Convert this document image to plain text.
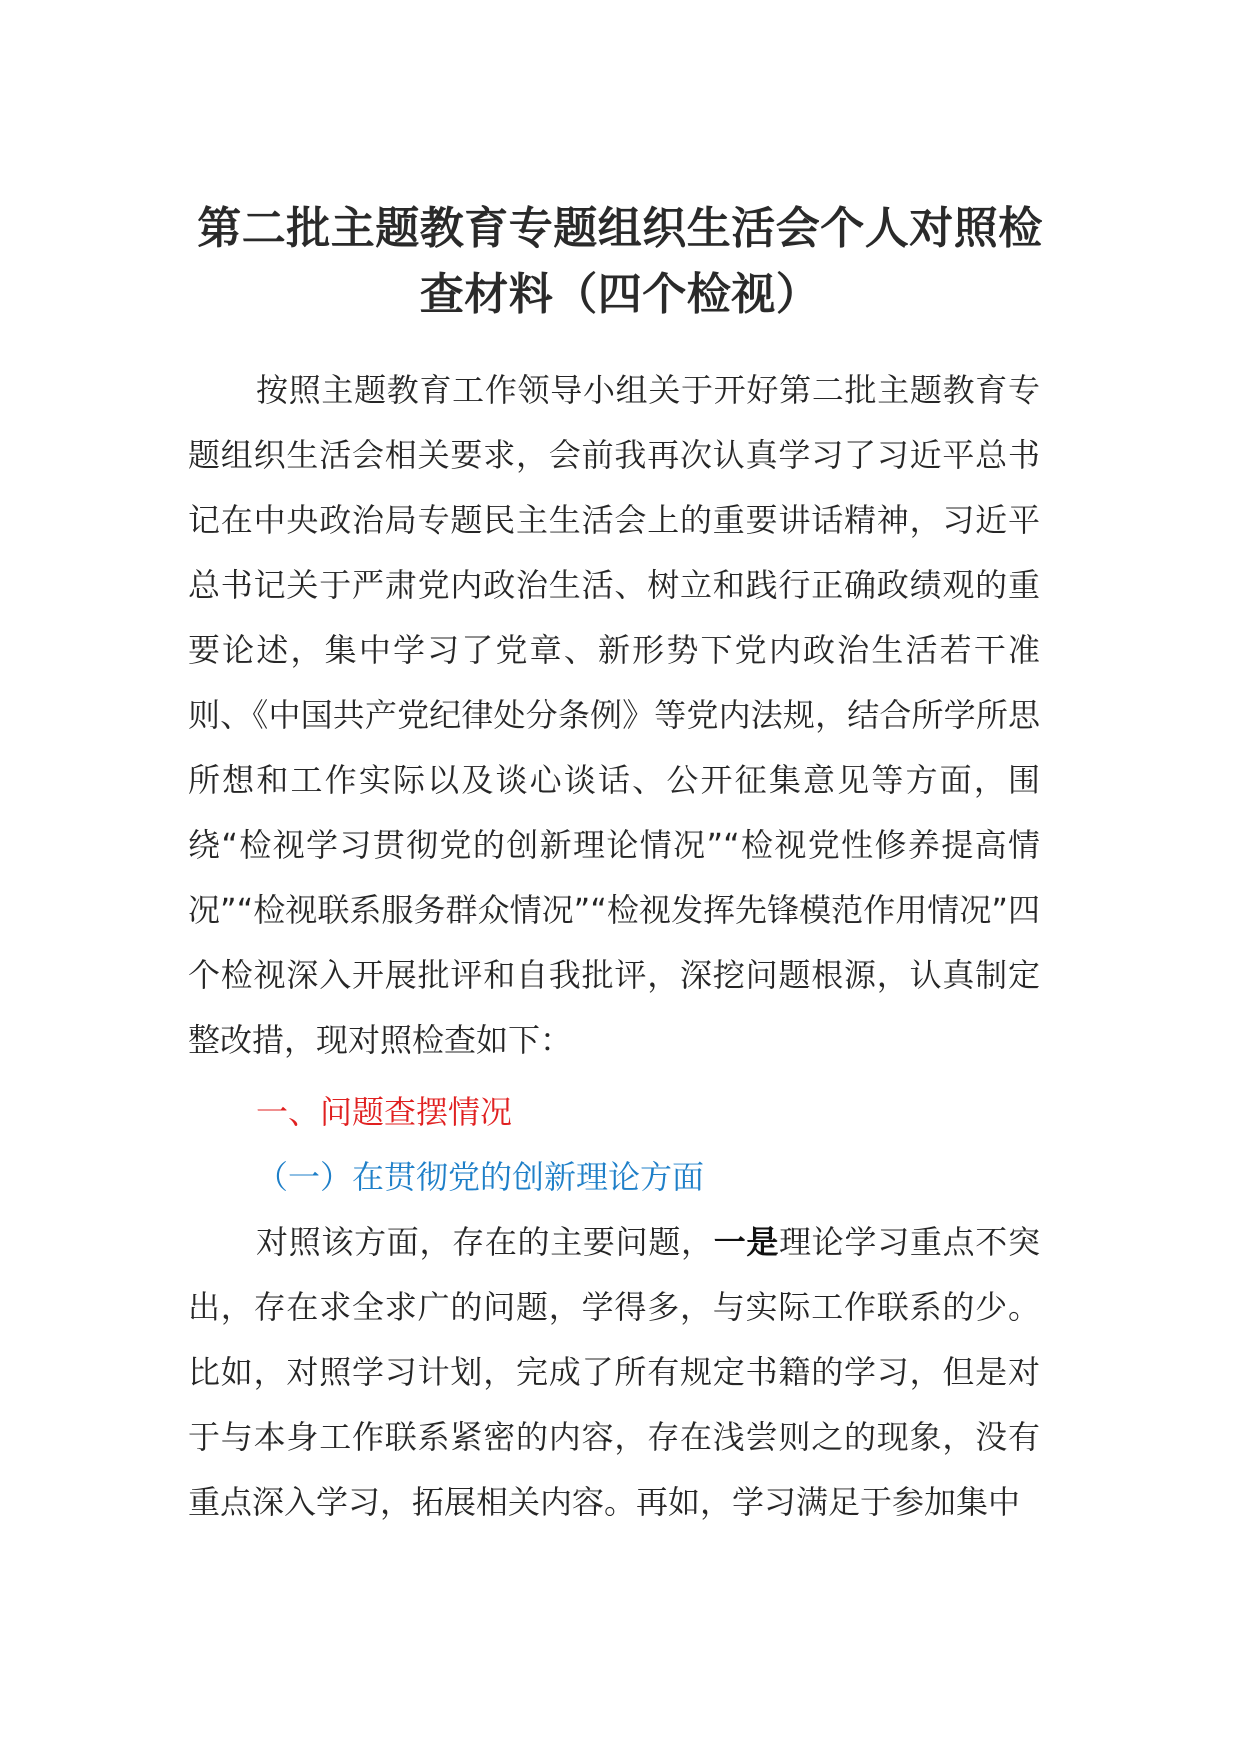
第二批主题教育专题组织生活会个人对照检查材料（四个检视）

按照主题教育工作领导小组关于开好第二批主题教育专题组织生活会相关要求，会前我再次认真学习了习近平总书记在中央政治局专题民主生活会上的重要讲话精神，习近平总书记关于严肃党内政治生活、树立和践行正确政绩观的重要论述，集中学习了党章、新形势下党内政治生活若干准则、《中国共产党纪律处分条例》等党内法规，结合所学所思所想和工作实际以及谈心谈话、公开征集意见等方面，围绕“检视学习贯彻党的创新理论情况”“检视党性修养提高情况”“检视联系服务群众情况”“检视发挥先锋模范作用情况”四个检视深入开展批评和自我批评，深挖问题根源，认真制定整改措，现对照检查如下：

一、问题查摆情况

（一）在贯彻党的创新理论方面

对照该方面，存在的主要问题，一是理论学习重点不突出，存在求全求广的问题，学得多，与实际工作联系的少。比如，对照学习计划，完成了所有规定书籍的学习，但是对于与本身工作联系紧密的内容，存在浅尝则之的现象，没有重点深入学习，拓展相关内容。再如，学习满足于参加集中
